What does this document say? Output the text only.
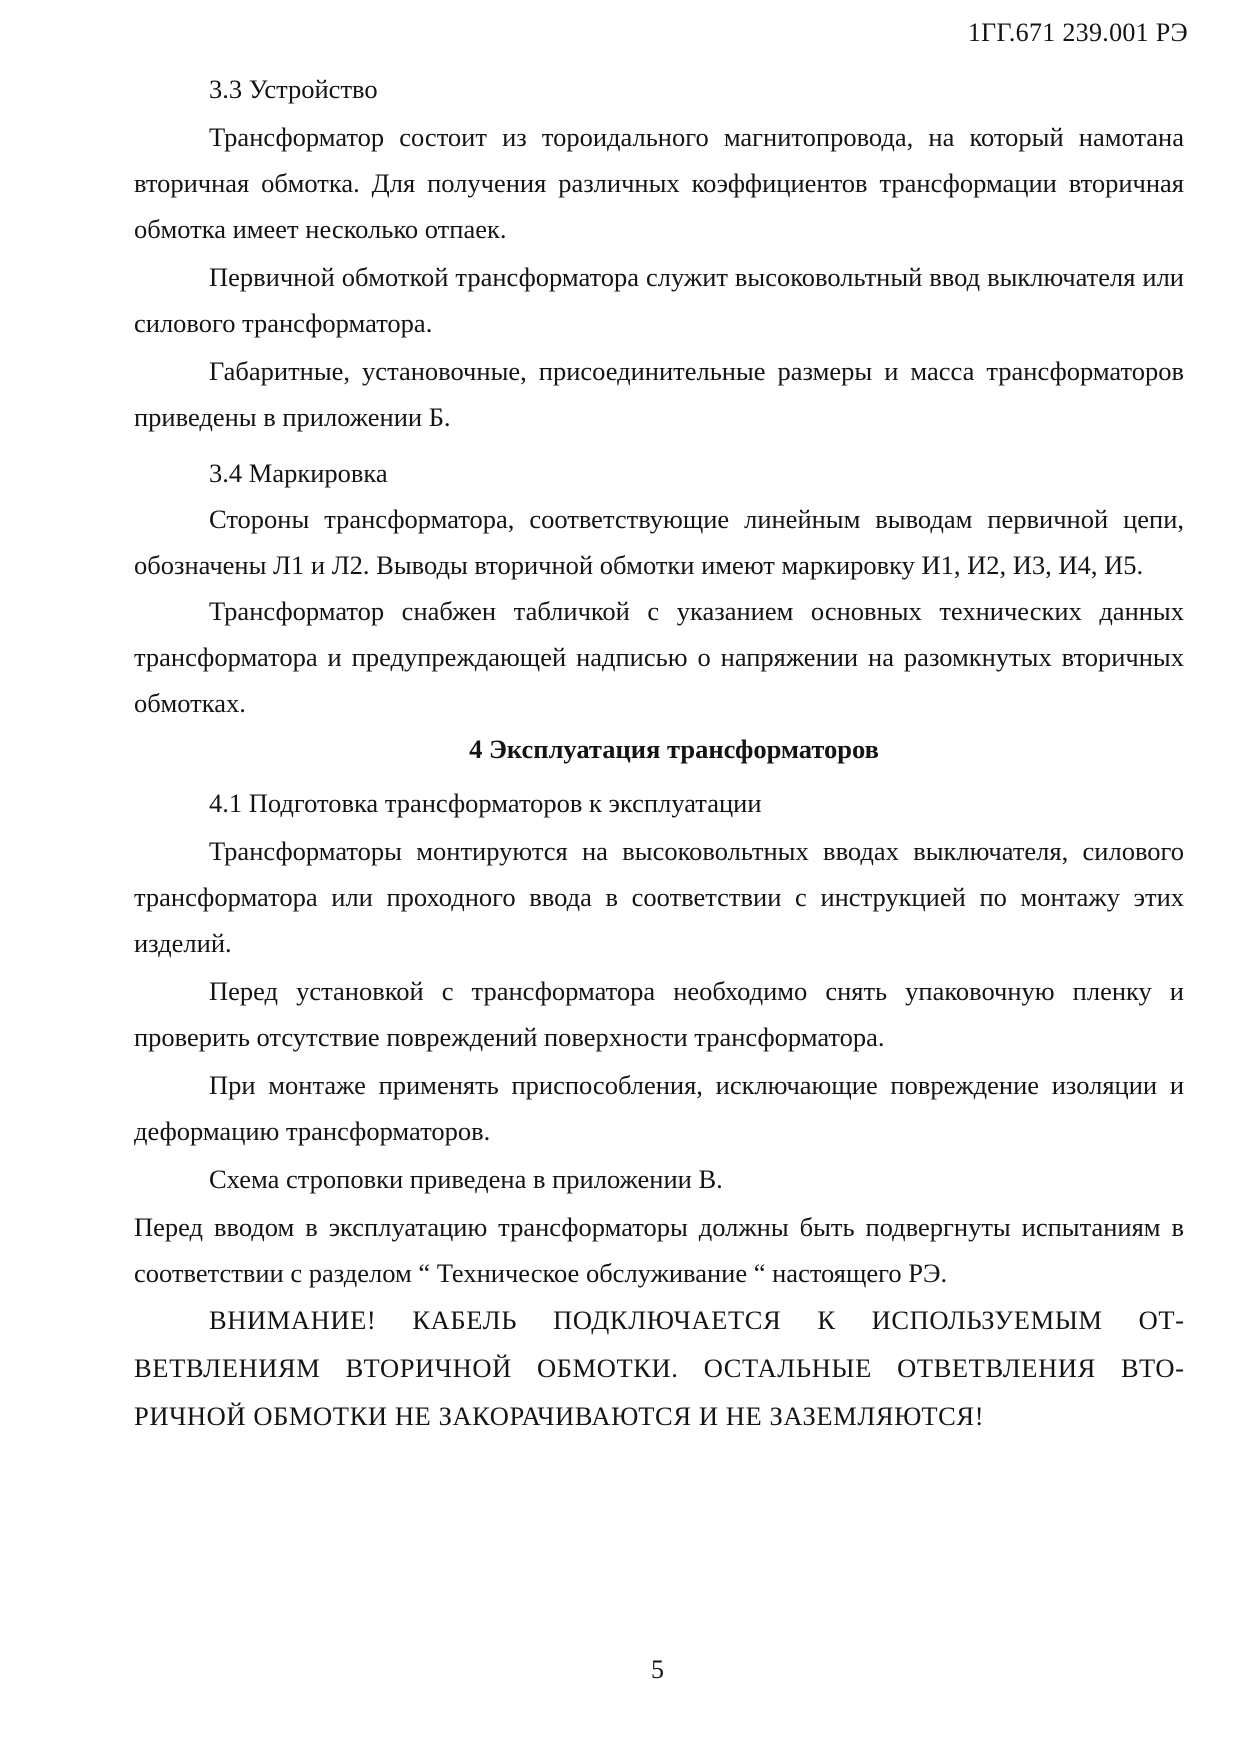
1ГГ.671 239.001 РЭ

3.3 Устройство

Трансформатор состоит из тороидального магнитопровода, на который намотана вторичная обмотка. Для получения различных коэффициентов трансформации вторичная обмотка имеет несколько отпаек.

Первичной обмоткой трансформатора служит высоковольтный ввод выключателя или силового трансформатора.

Габаритные, установочные, присоединительные размеры и масса трансформаторов приведены в приложении Б.

3.4 Маркировка

Стороны трансформатора, соответствующие линейным выводам первичной цепи, обозначены Л1 и Л2. Выводы вторичной обмотки имеют маркировку И1, И2, И3, И4, И5.

Трансформатор снабжен табличкой с указанием основных технических данных трансформатора и предупреждающей надписью о напряжении на разомкнутых вторичных обмотках.

4 Эксплуатация трансформаторов

4.1 Подготовка трансформаторов к эксплуатации

Трансформаторы монтируются на высоковольтных вводах выключателя, силового трансформатора или проходного ввода в соответствии с инструкцией по монтажу этих изделий.

Перед установкой с трансформатора необходимо снять упаковочную пленку и проверить отсутствие повреждений поверхности трансформатора.

При монтаже применять приспособления, исключающие повреждение изоляции и деформацию трансформаторов.

Схема строповки приведена в приложении В.

Перед вводом в эксплуатацию трансформаторы должны быть подвергнуты испытаниям в соответствии с разделом “ Техническое обслуживание “ настоящего РЭ.

ВНИМАНИЕ! КАБЕЛЬ ПОДКЛЮЧАЕТСЯ К ИСПОЛЬЗУЕМЫМ ОТВЕТВЛЕНИЯМ ВТОРИЧНОЙ ОБМОТКИ. ОСТАЛЬНЫЕ ОТВЕТВЛЕНИЯ ВТОРИЧНОЙ ОБМОТКИ НЕ ЗАКОРАЧИВАЮТСЯ И НЕ ЗАЗЕМЛЯЮТСЯ!

5
